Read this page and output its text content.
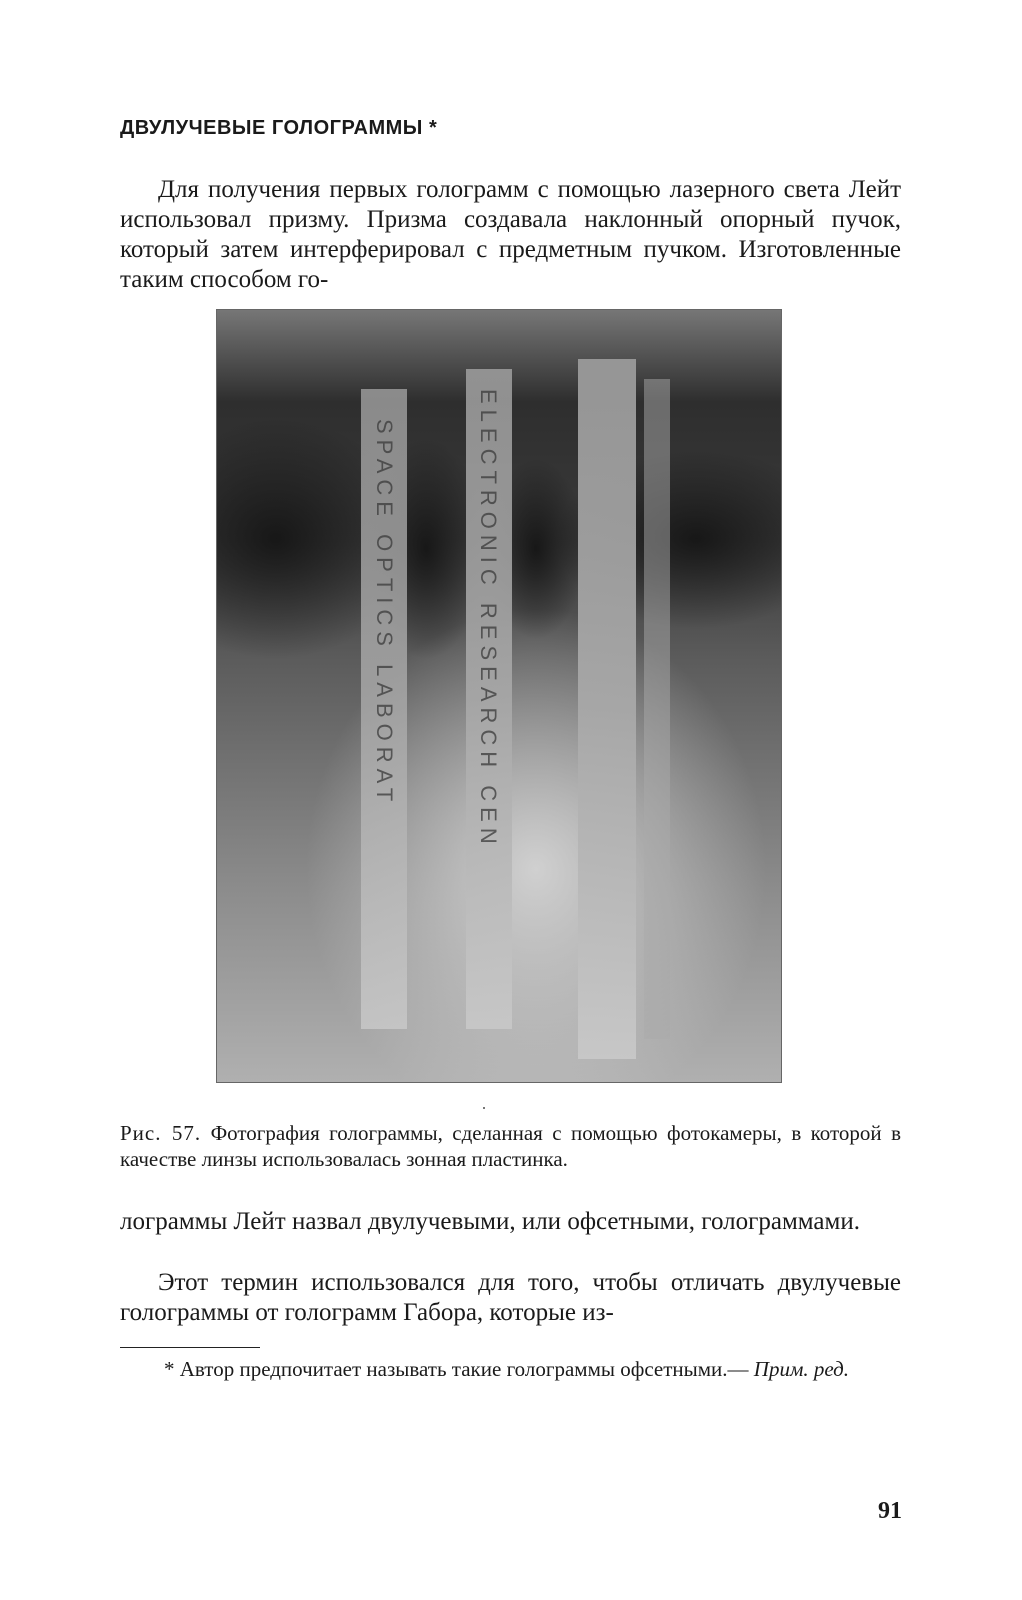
ДВУЛУЧЕВЫЕ ГОЛОГРАММЫ *

Для получения первых голограмм с помощью лазерного света Лейт использовал призму. Призма создавала наклонный опорный пучок, который затем интерферировал с предметным пучком. Изготовленные таким способом го-

SPACE OPTICS LABORAT	ELECTRONIC RESEARCH CEN

Рис. 57. Фотография голограммы, сделанная с помощью фотокамеры, в которой в качестве линзы использовалась зонная пластинка.

лограммы Лейт назвал двулучевыми, или офсетными, голограммами.

Этот термин использовался для того, чтобы отличать двулучевые голограммы от голограмм Габора, которые из-

* Автор предпочитает называть такие голограммы офсетными.— Прим. ред.

91
